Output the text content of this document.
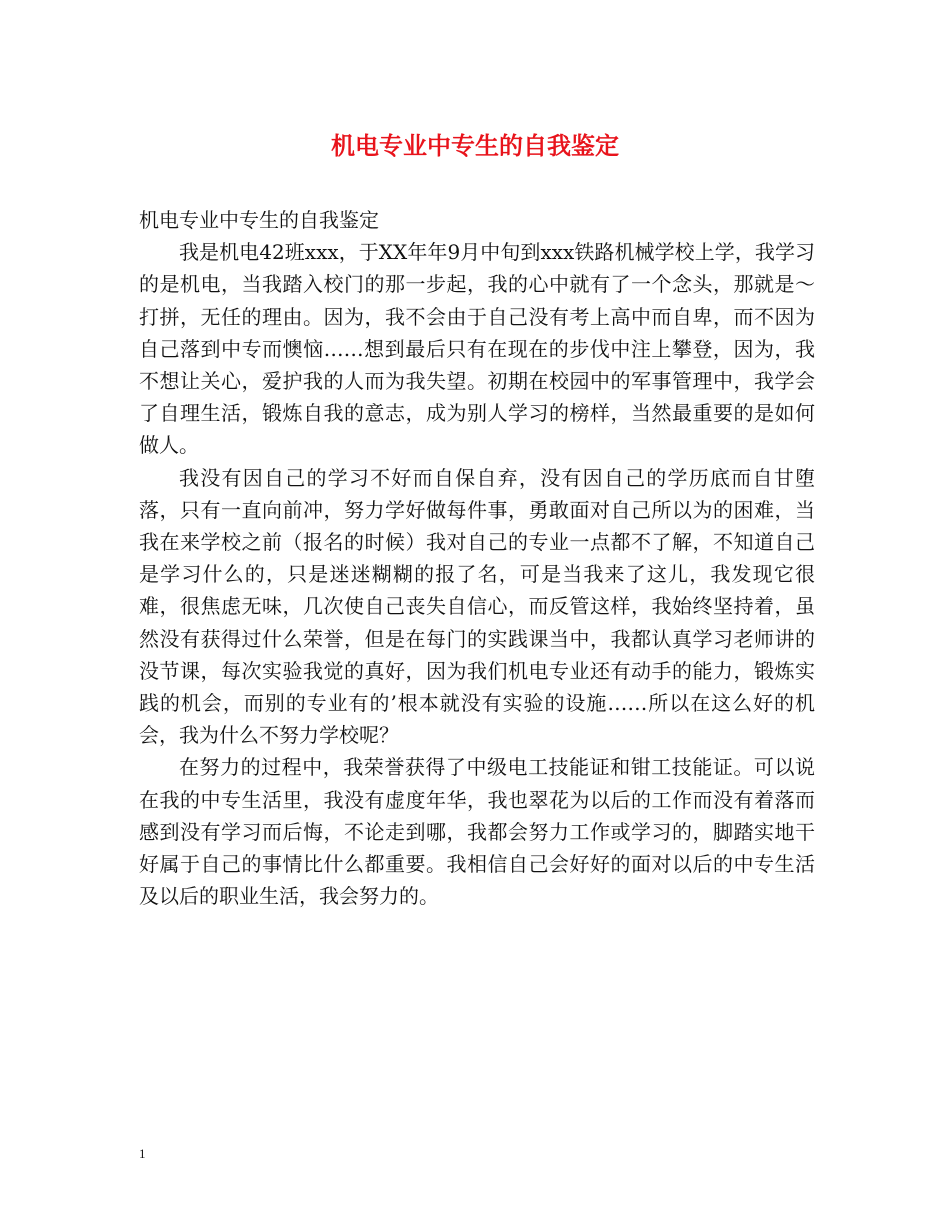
机电专业中专生的自我鉴定

机电专业中专生的自我鉴定

我是机电42班xxx，于XX年年9月中旬到xxx铁路机械学校上学，我学习的是机电，当我踏入校门的那一步起，我的心中就有了一个念头，那就是～打拼，无任的理由。因为，我不会由于自己没有考上高中而自卑，而不因为自己落到中专而懊恼……想到最后只有在现在的步伐中注上攀登，因为，我不想让关心，爱护我的人而为我失望。初期在校园中的军事管理中，我学会了自理生活，锻炼自我的意志，成为别人学习的榜样，当然最重要的是如何做人。

我没有因自己的学习不好而自保自弃，没有因自己的学历底而自甘堕落，只有一直向前冲，努力学好做每件事，勇敢面对自己所以为的困难，当我在来学校之前（报名的时候）我对自己的专业一点都不了解，不知道自己是学习什么的，只是迷迷糊糊的报了名，可是当我来了这儿，我发现它很难，很焦虑无味，几次使自己丧失自信心，而反管这样，我始终坚持着，虽然没有获得过什么荣誉，但是在每门的实践课当中，我都认真学习老师讲的没节课，每次实验我觉的真好，因为我们机电专业还有动手的能力，锻炼实践的机会，而别的专业有的’根本就没有实验的设施……所以在这么好的机会，我为什么不努力学校呢？

在努力的过程中，我荣誉获得了中级电工技能证和钳工技能证。可以说在我的中专生活里，我没有虚度年华，我也翠花为以后的工作而没有着落而感到没有学习而后悔，不论走到哪，我都会努力工作或学习的，脚踏实地干好属于自己的事情比什么都重要。我相信自己会好好的面对以后的中专生活及以后的职业生活，我会努力的。

1
